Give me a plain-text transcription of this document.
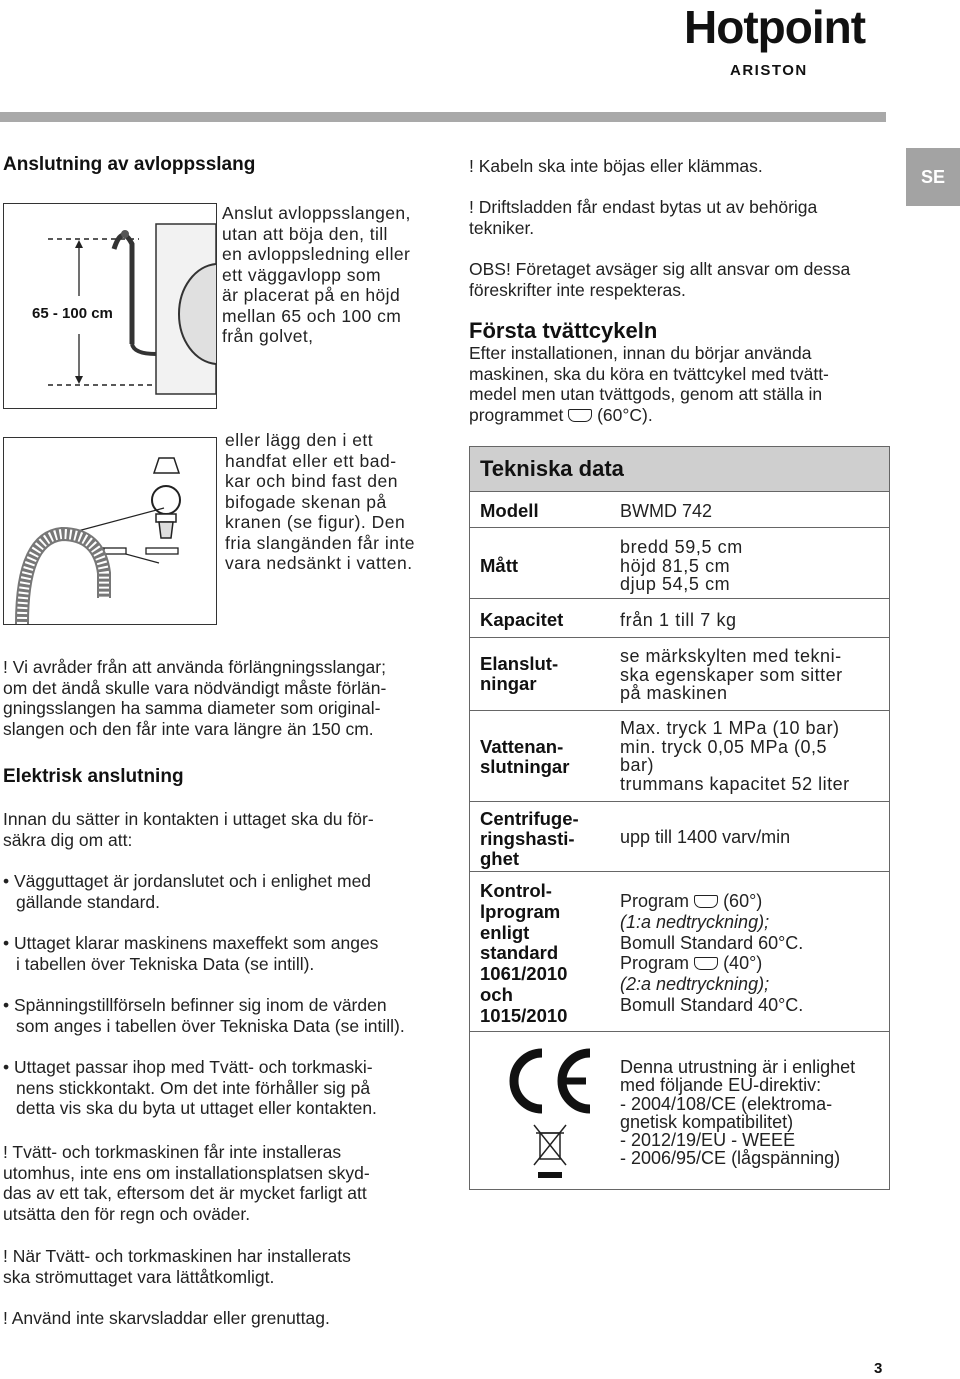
Hotpoint
ARISTON
SE
Anslutning av avloppsslang
65 - 100 cm
Anslut avloppsslangen,
utan att böja den, till
en avloppsledning eller
ett väggavlopp som
är placerat på en höjd
mellan 65 och 100 cm
från golvet,
eller lägg den i ett
handfat eller ett bad-
kar och bind fast den
bifogade skenan på
kranen (se figur). Den
fria slangänden får inte
vara nedsänkt i vatten.
! Vi avråder från att använda förlängningsslangar;
om det ändå skulle vara nödvändigt måste förlän-
gningsslangen ha samma diameter som original-
slangen och den får inte vara längre än 150 cm.
Elektrisk anslutning
Innan du sätter in kontakten i uttaget ska du för-
säkra dig om att:
• Vägguttaget är jordanslutet och i enlighet med
gällande standard.
• Uttaget klarar maskinens maxeffekt som anges
i tabellen över Tekniska Data (se intill).
• Spänningstillförseln befinner sig inom de värden
som anges i tabellen över Tekniska Data (se intill).
• Uttaget passar ihop med Tvätt- och torkmaski-
nens stickkontakt. Om det inte förhåller sig på
detta vis ska du byta ut uttaget eller kontakten.
! Tvätt- och torkmaskinen får inte installeras
utomhus, inte ens om installationsplatsen skyd-
das av ett tak, eftersom det är mycket farligt att
utsätta den för regn och oväder.
! När Tvätt- och torkmaskinen har installerats
ska strömuttaget vara lättåtkomligt.
! Använd inte skarvsladdar eller grenuttag.
! Kabeln ska inte böjas eller klämmas.
! Driftsladden får endast bytas ut av behöriga
tekniker.
OBS! Företaget avsäger sig allt ansvar om dessa
föreskrifter inte respekteras.
Första tvättcykeln
Efter installationen, innan du börjar använda
maskinen, ska du köra en tvättcykel med tvätt-
medel men utan tvättgods, genom att ställa in
programmet (60°C).
Tekniska data
Modell	BWMD 742
Mått
bredd 59,5 cm
höjd 81,5 cm
djup 54,5 cm
Kapacitet	från 1 till 7 kg
Elanslut-
ningar
se märkskylten med tekni-
ska egenskaper som sitter
på maskinen
Vattenan-
slutningar
Max. tryck 1 MPa (10 bar)
min. tryck 0,05 MPa (0,5
bar)
trummans kapacitet 52 liter
Centrifuge-
ringshasti-
ghet
upp till 1400 varv/min
Kontrol-
lprogram
enligt
standard
1061/2010
och
1015/2010
Program (60°)
(1:a nedtryckning);
Bomull Standard 60°C.
Program (40°)
(2:a nedtryckning);
Bomull Standard 40°C.
Denna utrustning är i enlighet
med följande EU-direktiv:
- 2004/108/CE (elektroma-
gnetisk kompatibilitet)
- 2012/19/EU - WEEE
- 2006/95/CE (lågspänning)
3
